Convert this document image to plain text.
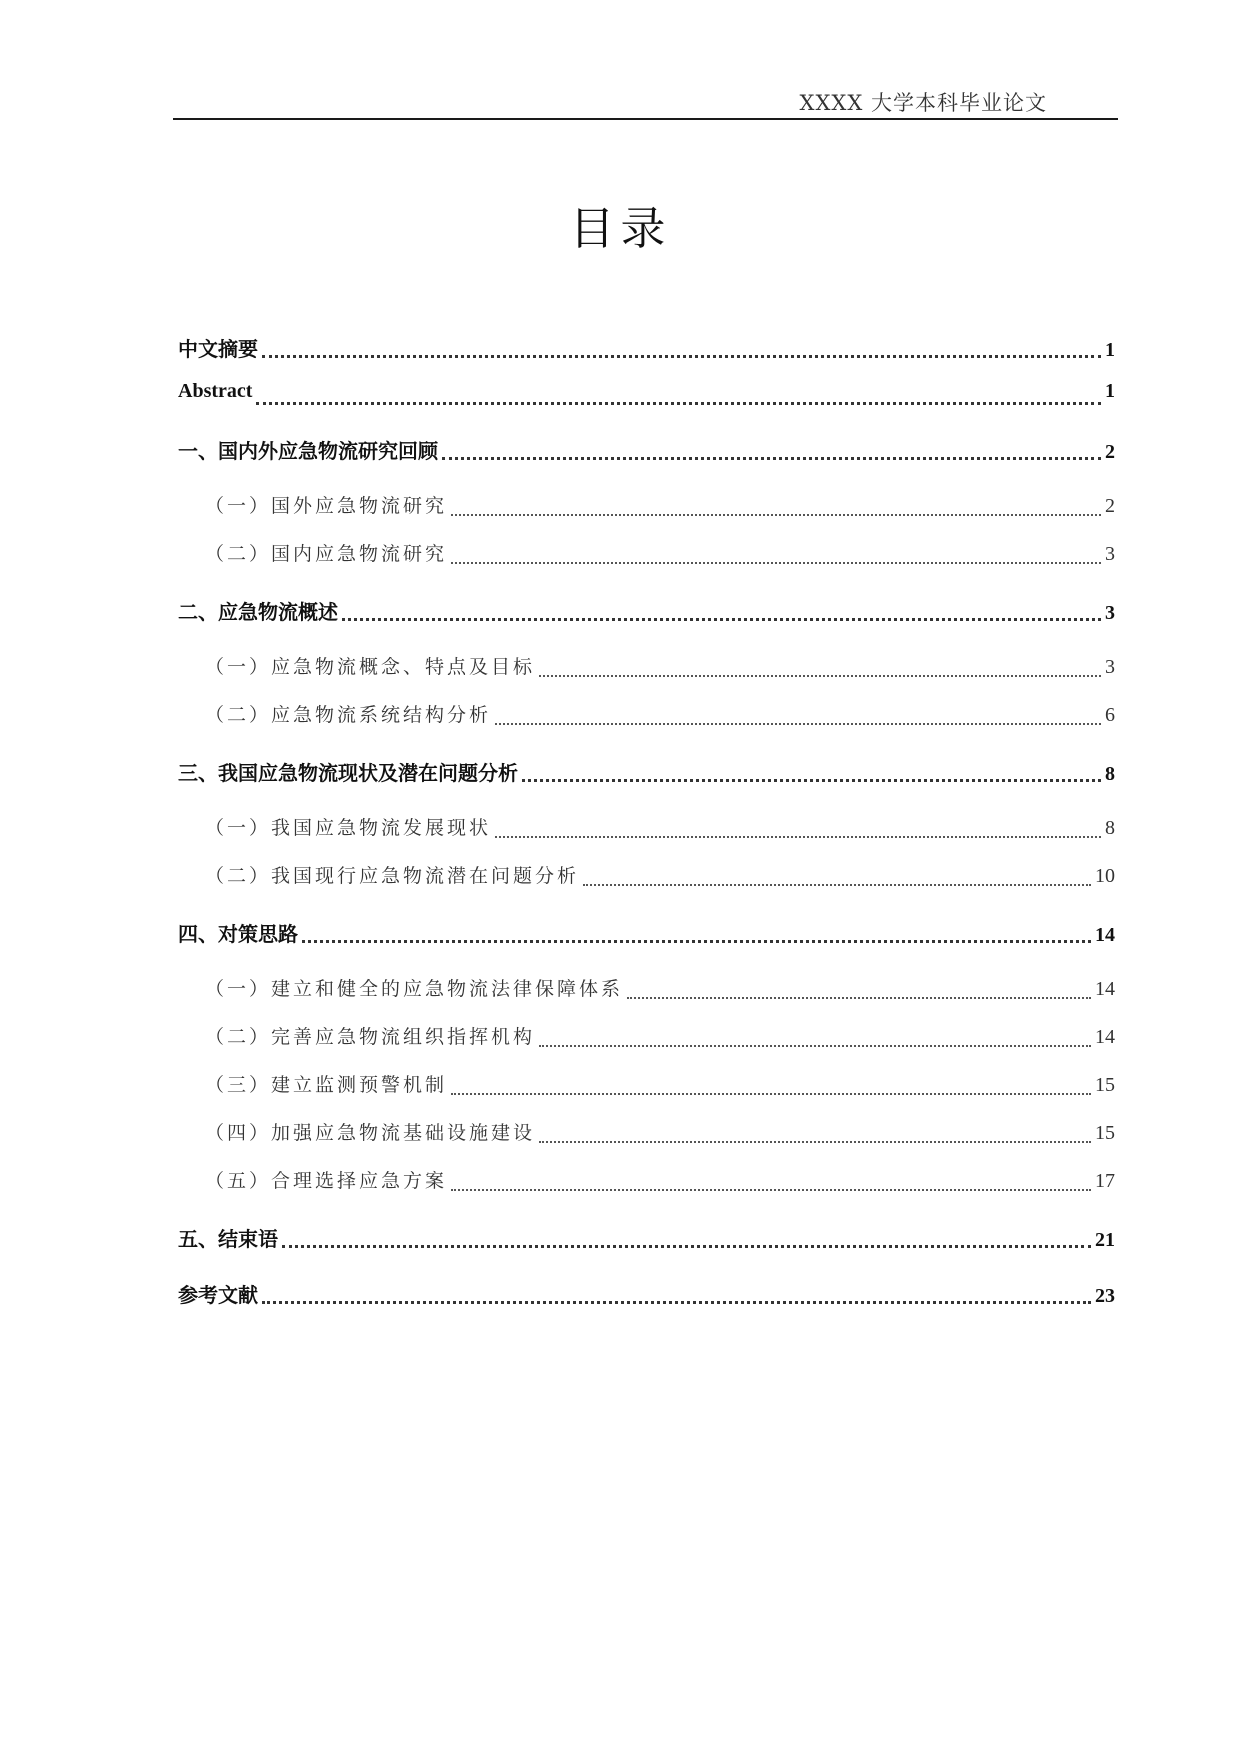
XXXX 大学本科毕业论文
目录
中文摘要	1
Abstract	1
一、国内外应急物流研究回顾	2
（一）国外应急物流研究	2
（二）国内应急物流研究	3
二、应急物流概述	3
（一）应急物流概念、特点及目标	3
（二）应急物流系统结构分析	6
三、我国应急物流现状及潜在问题分析	8
（一）我国应急物流发展现状	8
（二）我国现行应急物流潜在问题分析	10
四、对策思路	14
（一）建立和健全的应急物流法律保障体系	14
（二）完善应急物流组织指挥机构	14
（三）建立监测预警机制	15
（四）加强应急物流基础设施建设	15
（五）合理选择应急方案	17
五、结束语	21
参考文献	23
